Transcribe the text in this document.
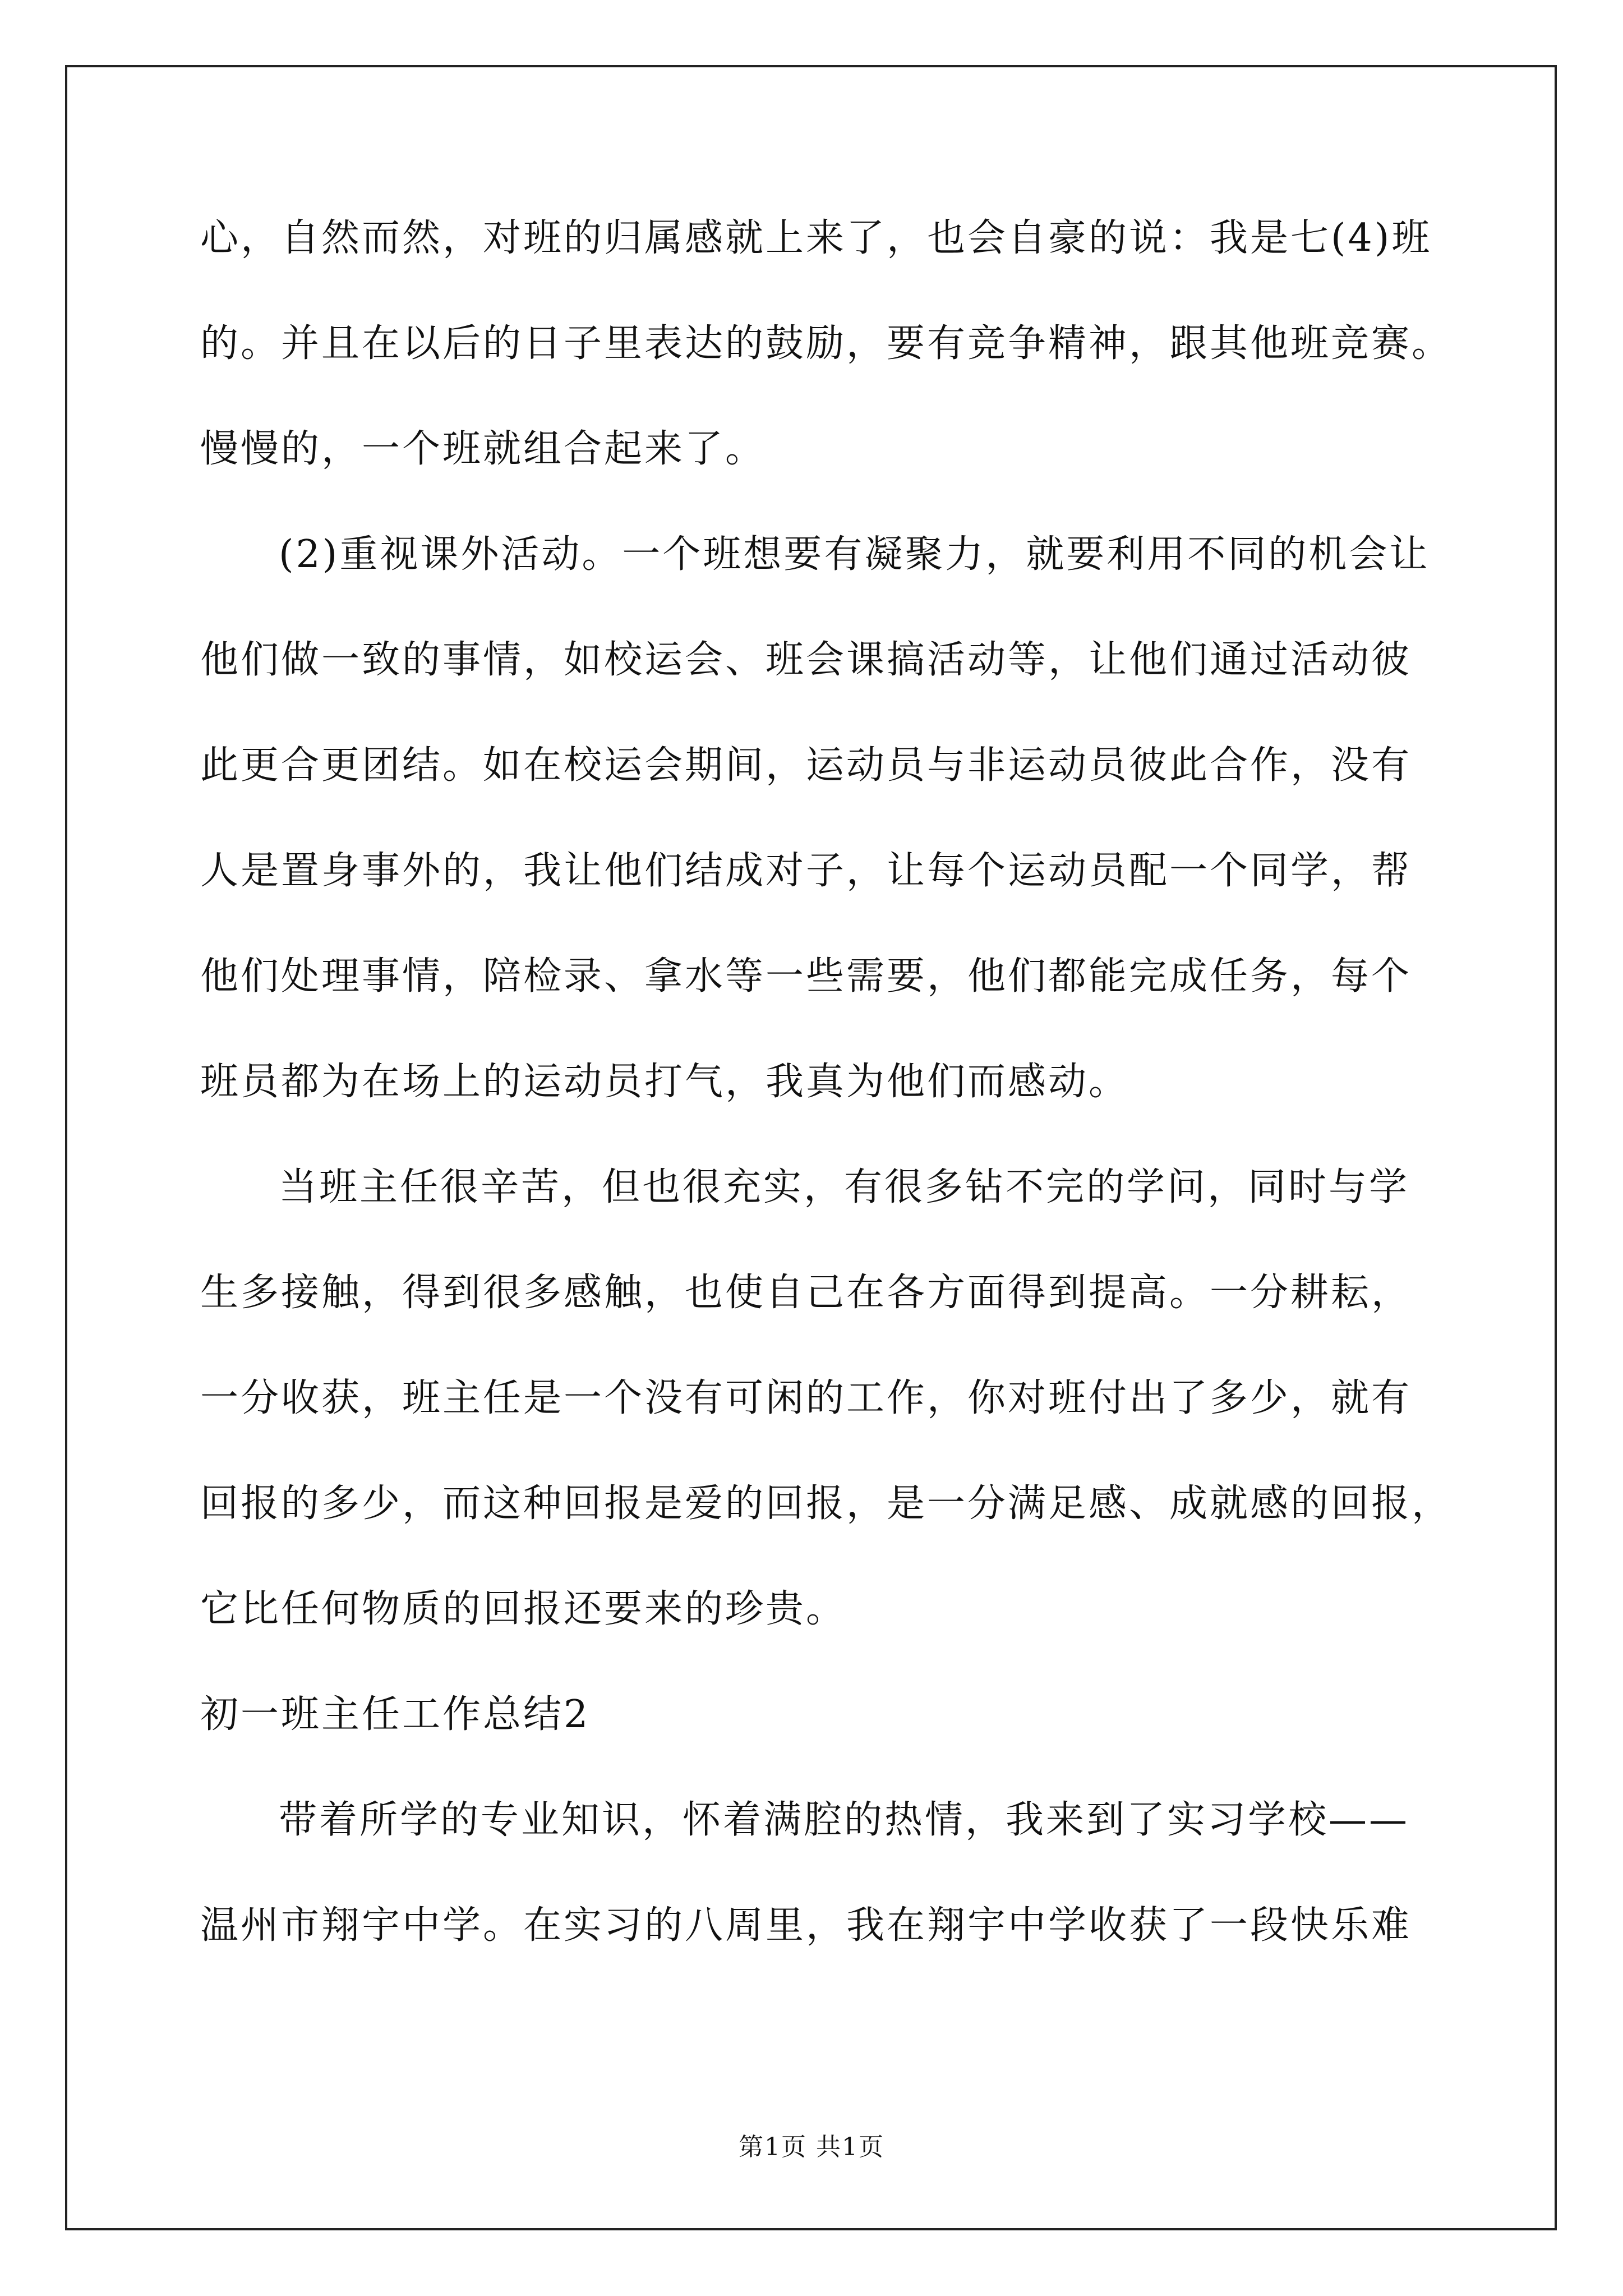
心，自然而然，对班的归属感就上来了，也会自豪的说：我是七(4)班
的。并且在以后的日子里表达的鼓励，要有竞争精神，跟其他班竞赛。
慢慢的，一个班就组合起来了。
(2)重视课外活动。一个班想要有凝聚力，就要利用不同的机会让
他们做一致的事情，如校运会、班会课搞活动等，让他们通过活动彼
此更合更团结。如在校运会期间，运动员与非运动员彼此合作，没有
人是置身事外的，我让他们结成对子，让每个运动员配一个同学，帮
他们处理事情，陪检录、拿水等一些需要，他们都能完成任务，每个
班员都为在场上的运动员打气，我真为他们而感动。
当班主任很辛苦，但也很充实，有很多钻不完的学问，同时与学
生多接触，得到很多感触，也使自己在各方面得到提高。一分耕耘，
一分收获，班主任是一个没有可闲的工作，你对班付出了多少，就有
回报的多少，而这种回报是爱的回报，是一分满足感、成就感的回报，
它比任何物质的回报还要来的珍贵。
初一班主任工作总结2
带着所学的专业知识，怀着满腔的热情，我来到了实习学校——
温州市翔宇中学。在实习的八周里，我在翔宇中学收获了一段快乐难
第1页 共1页
